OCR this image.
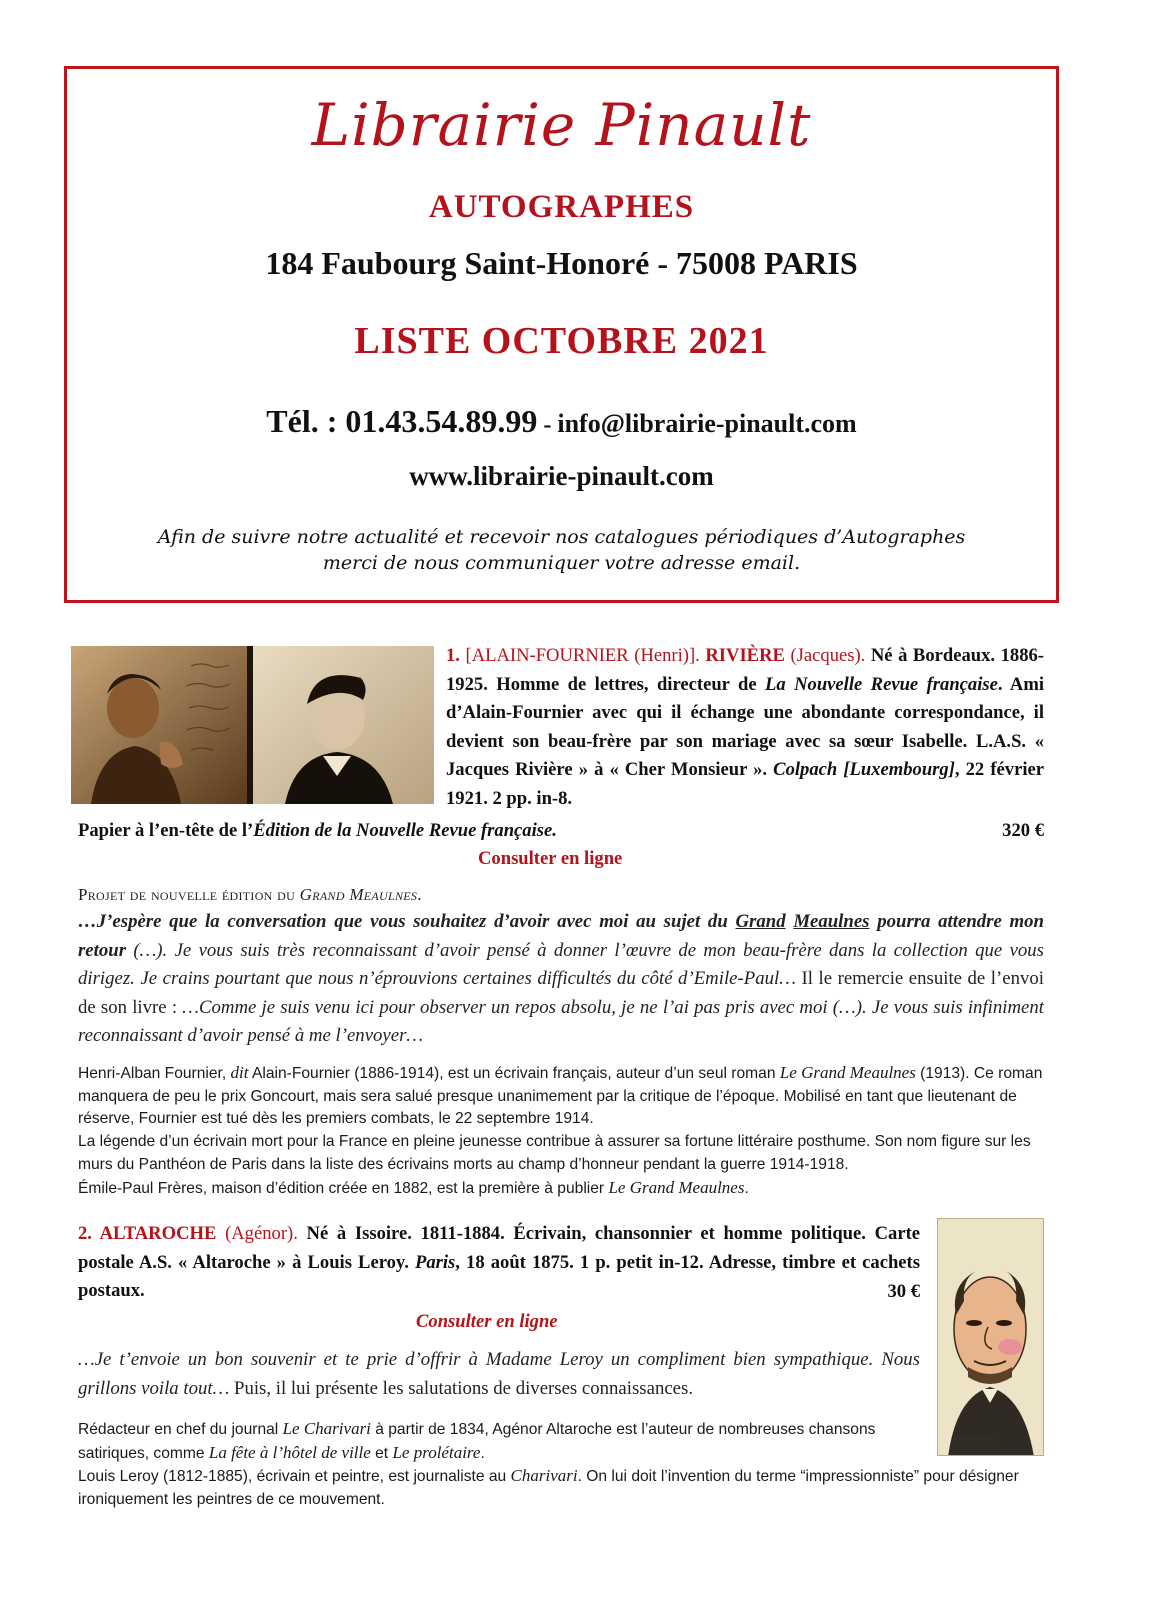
Librairie Pinault
AUTOGRAPHES
184 Faubourg Saint-Honoré - 75008 PARIS
LISTE OCTOBRE 2021
Tél. : 01.43.54.89.99 - info@librairie-pinault.com
www.librairie-pinault.com
Afin de suivre notre actualité et recevoir nos catalogues périodiques d’Autographes
merci de nous communiquer votre adresse email.
1. [ALAIN-FOURNIER (Henri)]. RIVIÈRE (Jacques). Né à Bordeaux. 1886-1925. Homme de lettres, directeur de La Nouvelle Revue française. Ami d’Alain-Fournier avec qui il échange une abondante correspondance, il devient son beau-frère par son mariage avec sa sœur Isabelle. L.A.S. « Jacques Rivière » à « Cher Monsieur ». Colpach [Luxembourg], 22 février 1921. 2 pp. in-8.
Papier à l’en-tête de l’Édition de la Nouvelle Revue française.	320 €
Consulter en ligne
Projet de nouvelle édition du Grand Meaulnes.
…J’espère que la conversation que vous souhaitez d’avoir avec moi au sujet du Grand Meaulnes pourra attendre mon retour (…). Je vous suis très reconnaissant d’avoir pensé à donner l’œuvre de mon beau-frère dans la collection que vous dirigez. Je crains pourtant que nous n’éprouvions certaines difficultés du côté d’Emile-Paul… Il le remercie ensuite de l’envoi de son livre : …Comme je suis venu ici pour observer un repos absolu, je ne l’ai pas pris avec moi (…). Je vous suis infiniment reconnaissant d’avoir pensé à me l’envoyer…

Henri-Alban Fournier, dit Alain-Fournier (1886-1914), est un écrivain français, auteur d’un seul roman Le Grand Meaulnes (1913). Ce roman manquera de peu le prix Goncourt, mais sera salué presque unanimement par la critique de l’époque. Mobilisé en tant que lieutenant de réserve, Fournier est tué dès les premiers combats, le 22 septembre 1914.

La légende d’un écrivain mort pour la France en pleine jeunesse contribue à assurer sa fortune littéraire posthume. Son nom figure sur les murs du Panthéon de Paris dans la liste des écrivains morts au champ d’honneur pendant la guerre 1914-1918.

Émile-Paul Frères, maison d’édition créée en 1882, est la première à publier Le Grand Meaulnes.

2. ALTAROCHE (Agénor). Né à Issoire. 1811-1884. Écrivain, chansonnier et homme politique. Carte postale A.S. « Altaroche » à Louis Leroy. Paris, 18 août 1875. 1 p. petit in-12. Adresse, timbre et cachets postaux.	30 €
Consulter en ligne
…Je t’envoie un bon souvenir et te prie d’offrir à Madame Leroy un compliment bien sympathique. Nous grillons voila tout… Puis, il lui présente les salutations de diverses connaissances.

Rédacteur en chef du journal Le Charivari à partir de 1834, Agénor Altaroche est l’auteur de nombreuses chansons satiriques, comme La fête à l’hôtel de ville et Le prolétaire.

Louis Leroy (1812-1885), écrivain et peintre, est journaliste au Charivari. On lui doit l’invention du terme “impressionniste” pour désigner ironiquement les peintres de ce mouvement.

Altaroche
